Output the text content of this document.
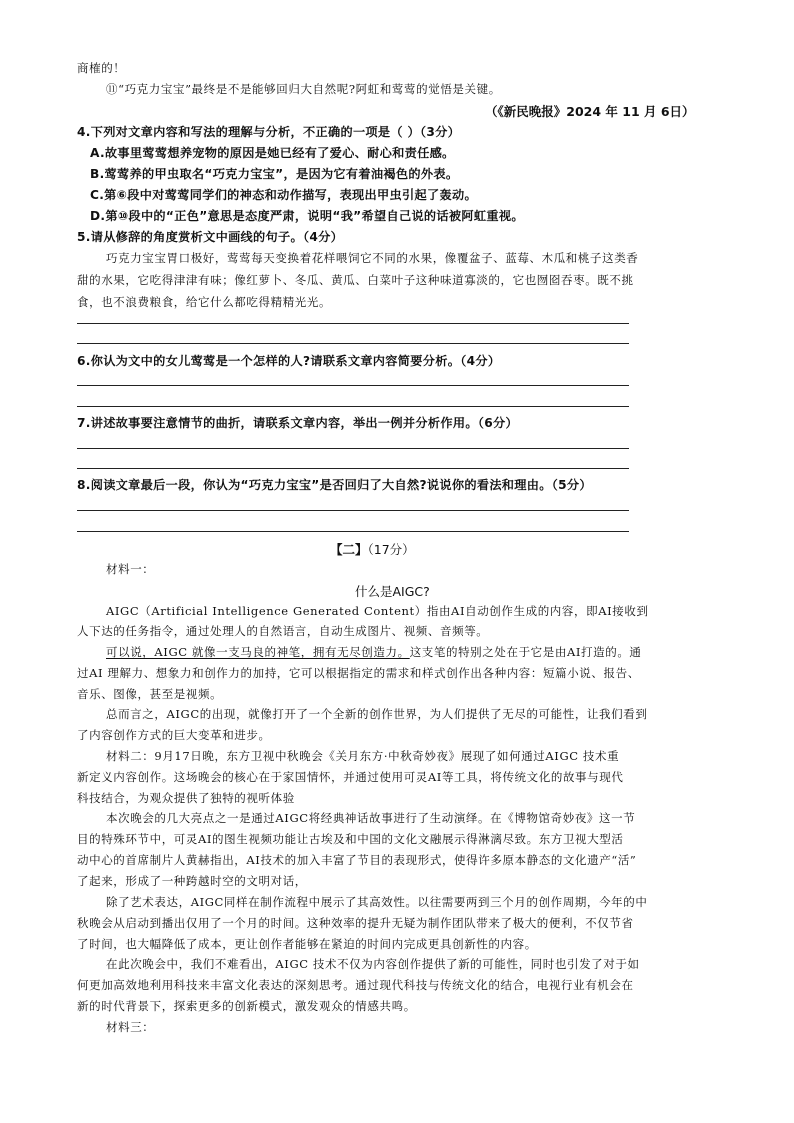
商榷的！
⑪“巧克力宝宝”最终是不是能够回归大自然呢?阿虹和莺莺的觉悟是关键。
（《新民晚报》2024 年 11 月 6日）
4.下列对文章内容和写法的理解与分析，不正确的一项是（ ）（3分）
A.故事里莺莺想养宠物的原因是她已经有了爱心、耐心和责任感。
B.莺莺养的甲虫取名“巧克力宝宝”，是因为它有着油褐色的外表。
C.第⑥段中对莺莺同学们的神态和动作描写，表现出甲虫引起了轰动。
D.第⑩段中的“正色”意思是态度严肃，说明“我”希望自己说的话被阿虹重视。
5.请从修辞的角度赏析文中画线的句子。（4分）
巧克力宝宝胃口极好，莺莺每天变换着花样喂饲它不同的水果，像覆盆子、蓝莓、木瓜和桃子这类香
甜的水果，它吃得津津有味；像红萝卜、冬瓜、黄瓜、白菜叶子这种味道寡淡的，它也囫囵吞枣。既不挑
食，也不浪费粮食，给它什么都吃得精精光光。
6.你认为文中的女儿莺莺是一个怎样的人?请联系文章内容简要分析。（4分）
7.讲述故事要注意情节的曲折，请联系文章内容，举出一例并分析作用。（6分）
8.阅读文章最后一段，你认为“巧克力宝宝”是否回归了大自然?说说你的看法和理由。（5分）
【二】（17分）
材料一：
什么是AIGC?
AIGC（Artificial Intelligence Generated Content）指由AI自动创作生成的内容，即AI接收到
人下达的任务指令，通过处理人的自然语言，自动生成图片、视频、音频等。
可以说，AIGC 就像一支马良的神笔，拥有无尽创造力。这支笔的特别之处在于它是由AI打造的。通
过AI 理解力、想象力和创作力的加持，它可以根据指定的需求和样式创作出各种内容：短篇小说、报告、
音乐、图像，甚至是视频。
总而言之，AIGC的出现，就像打开了一个全新的创作世界，为人们提供了无尽的可能性，让我们看到
了内容创作方式的巨大变革和进步。
材料二：9月17日晚，东方卫视中秋晚会《关月东方·中秋奇妙夜》展现了如何通过AIGC 技术重
新定义内容创作。这场晚会的核心在于家国情怀，并通过使用可灵AI等工具，将传统文化的故事与现代
科技结合，为观众提供了独特的视听体验
本次晚会的几大亮点之一是通过AIGC将经典神话故事进行了生动演绎。在《博物馆奇妙夜》这一节
目的特殊环节中，可灵AI的图生视频功能让古埃及和中国的文化文融展示得淋漓尽致。东方卫视大型活
动中心的首席制片人黄赫指出，AI技术的加入丰富了节目的表现形式，使得许多原本静态的文化遗产“活”
了起来，形成了一种跨越时空的文明对话，
除了艺术表达，AIGC同样在制作流程中展示了其高效性。以往需要两到三个月的创作周期，今年的中
秋晚会从启动到播出仅用了一个月的时间。这种效率的提升无疑为制作团队带来了极大的便利，不仅节省
了时间，也大幅降低了成本，更让创作者能够在紧迫的时间内完成更具创新性的内容。
在此次晚会中，我们不难看出，AIGC 技术不仅为内容创作提供了新的可能性，同时也引发了对于如
何更加高效地利用科技来丰富文化表达的深刻思考。通过现代科技与传统文化的结合，电视行业有机会在
新的时代背景下，探索更多的创新模式，激发观众的情感共鸣。
材料三：
